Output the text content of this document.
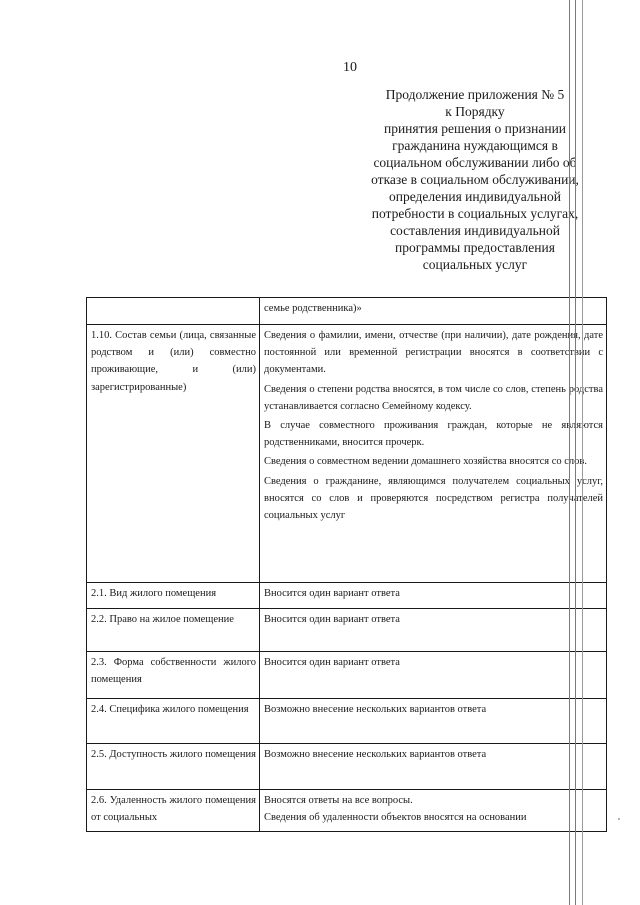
10
Продолжение приложения № 5
к Порядку
принятия решения о признании
гражданина нуждающимся в
социальном обслуживании либо об
отказе в социальном обслуживании,
определения индивидуальной
потребности в социальных услугах,
составления индивидуальной
программы предоставления
социальных услуг

	семье родственника)»

1.10. Состав семьи (лица, связанные родством и (или) совместно проживающие, и (или) зарегистрированные)	Сведения о фамилии, имени, отчестве (при наличии), дате рождения, дате постоянной или временной регистрации вносятся в соответствии с документами.
Сведения о степени родства вносятся, в том числе со слов, степень родства устанавливается согласно Семейному кодексу.
В случае совместного проживания граждан, которые не являются родственниками, вносится прочерк.
Сведения о совместном ведении домашнего хозяйства вносятся со слов.
Сведения о гражданине, являющимся получателем социальных услуг, вносятся со слов и проверяются посредством регистра получателей социальных услуг

2.1. Вид жилого помещения	Вносится один вариант ответа

2.2. Право на жилое помещение	Вносится один вариант ответа

2.3. Форма собственности жилого помещения	Вносится один вариант ответа

2.4. Специфика жилого помещения	Возможно внесение нескольких вариантов ответа

2.5. Доступность жилого помещения	Возможно внесение нескольких вариантов ответа

2.6. Удаленность жилого помещения от социальных	Вносятся ответы на все вопросы.
Сведения об удаленности объектов вносятся на основании
